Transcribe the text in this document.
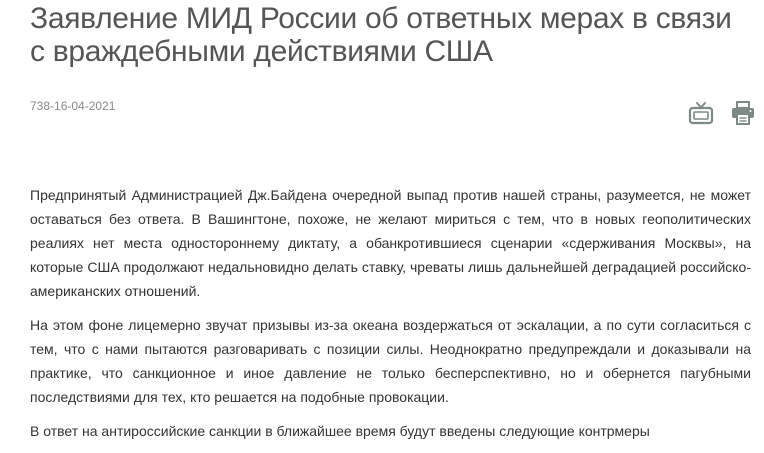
Заявление МИД России об ответных мерах в связи с враждебными действиями США
738-16-04-2021

Предпринятый Администрацией Дж.Байдена очередной выпад против нашей страны, разумеется, не может оставаться без ответа. В Вашингтоне, похоже, не желают мириться с тем, что в новых геополитических реалиях нет места одностороннему диктату, а обанкротившиеся сценарии «сдерживания Москвы», на которые США продолжают недальновидно делать ставку, чреваты лишь дальнейшей деградацией российско-американских отношений.

На этом фоне лицемерно звучат призывы из-за океана воздержаться от эскалации, а по сути согласиться с тем, что с нами пытаются разговаривать с позиции силы. Неоднократно предупреждали и доказывали на практике, что санкционное и иное давление не только бесперспективно, но и обернется пагубными последствиями для тех, кто решается на подобные провокации.

В ответ на антироссийские санкции в ближайшее время будут введены следующие контрмеры
